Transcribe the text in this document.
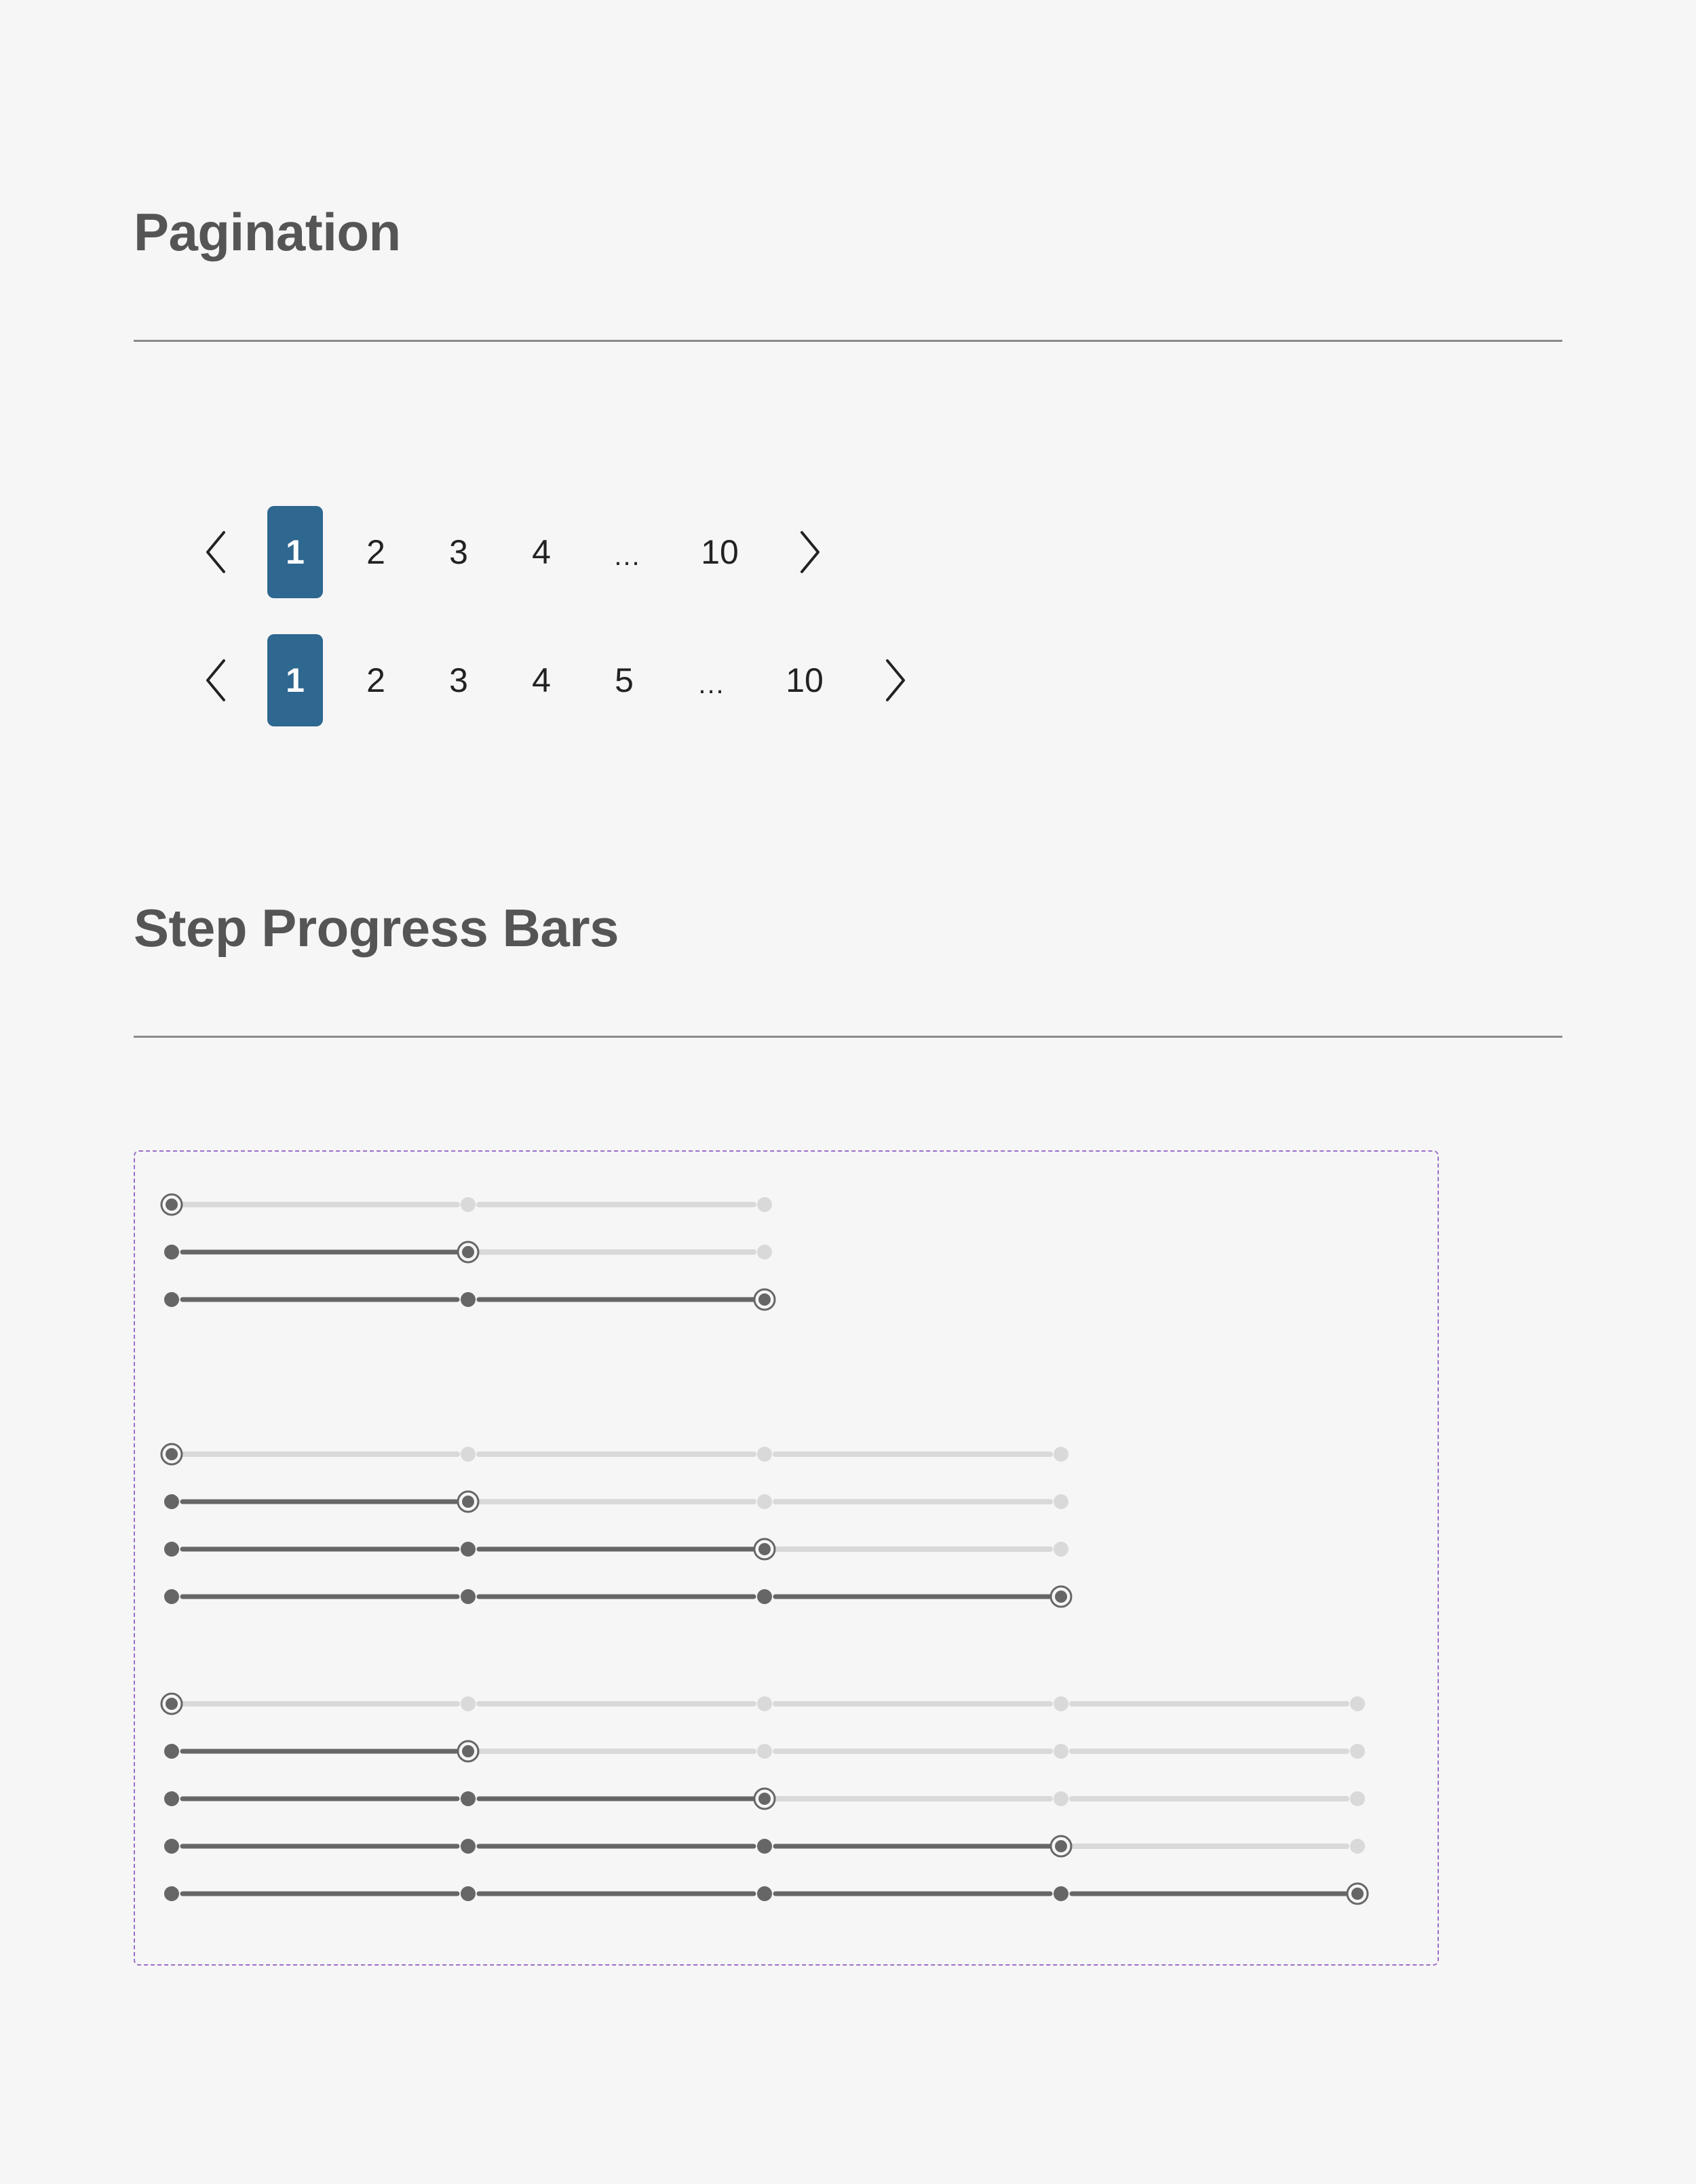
Pagination
1	2	3	4	...	10
1	2	3	4	5	...	10
Step Progress Bars
